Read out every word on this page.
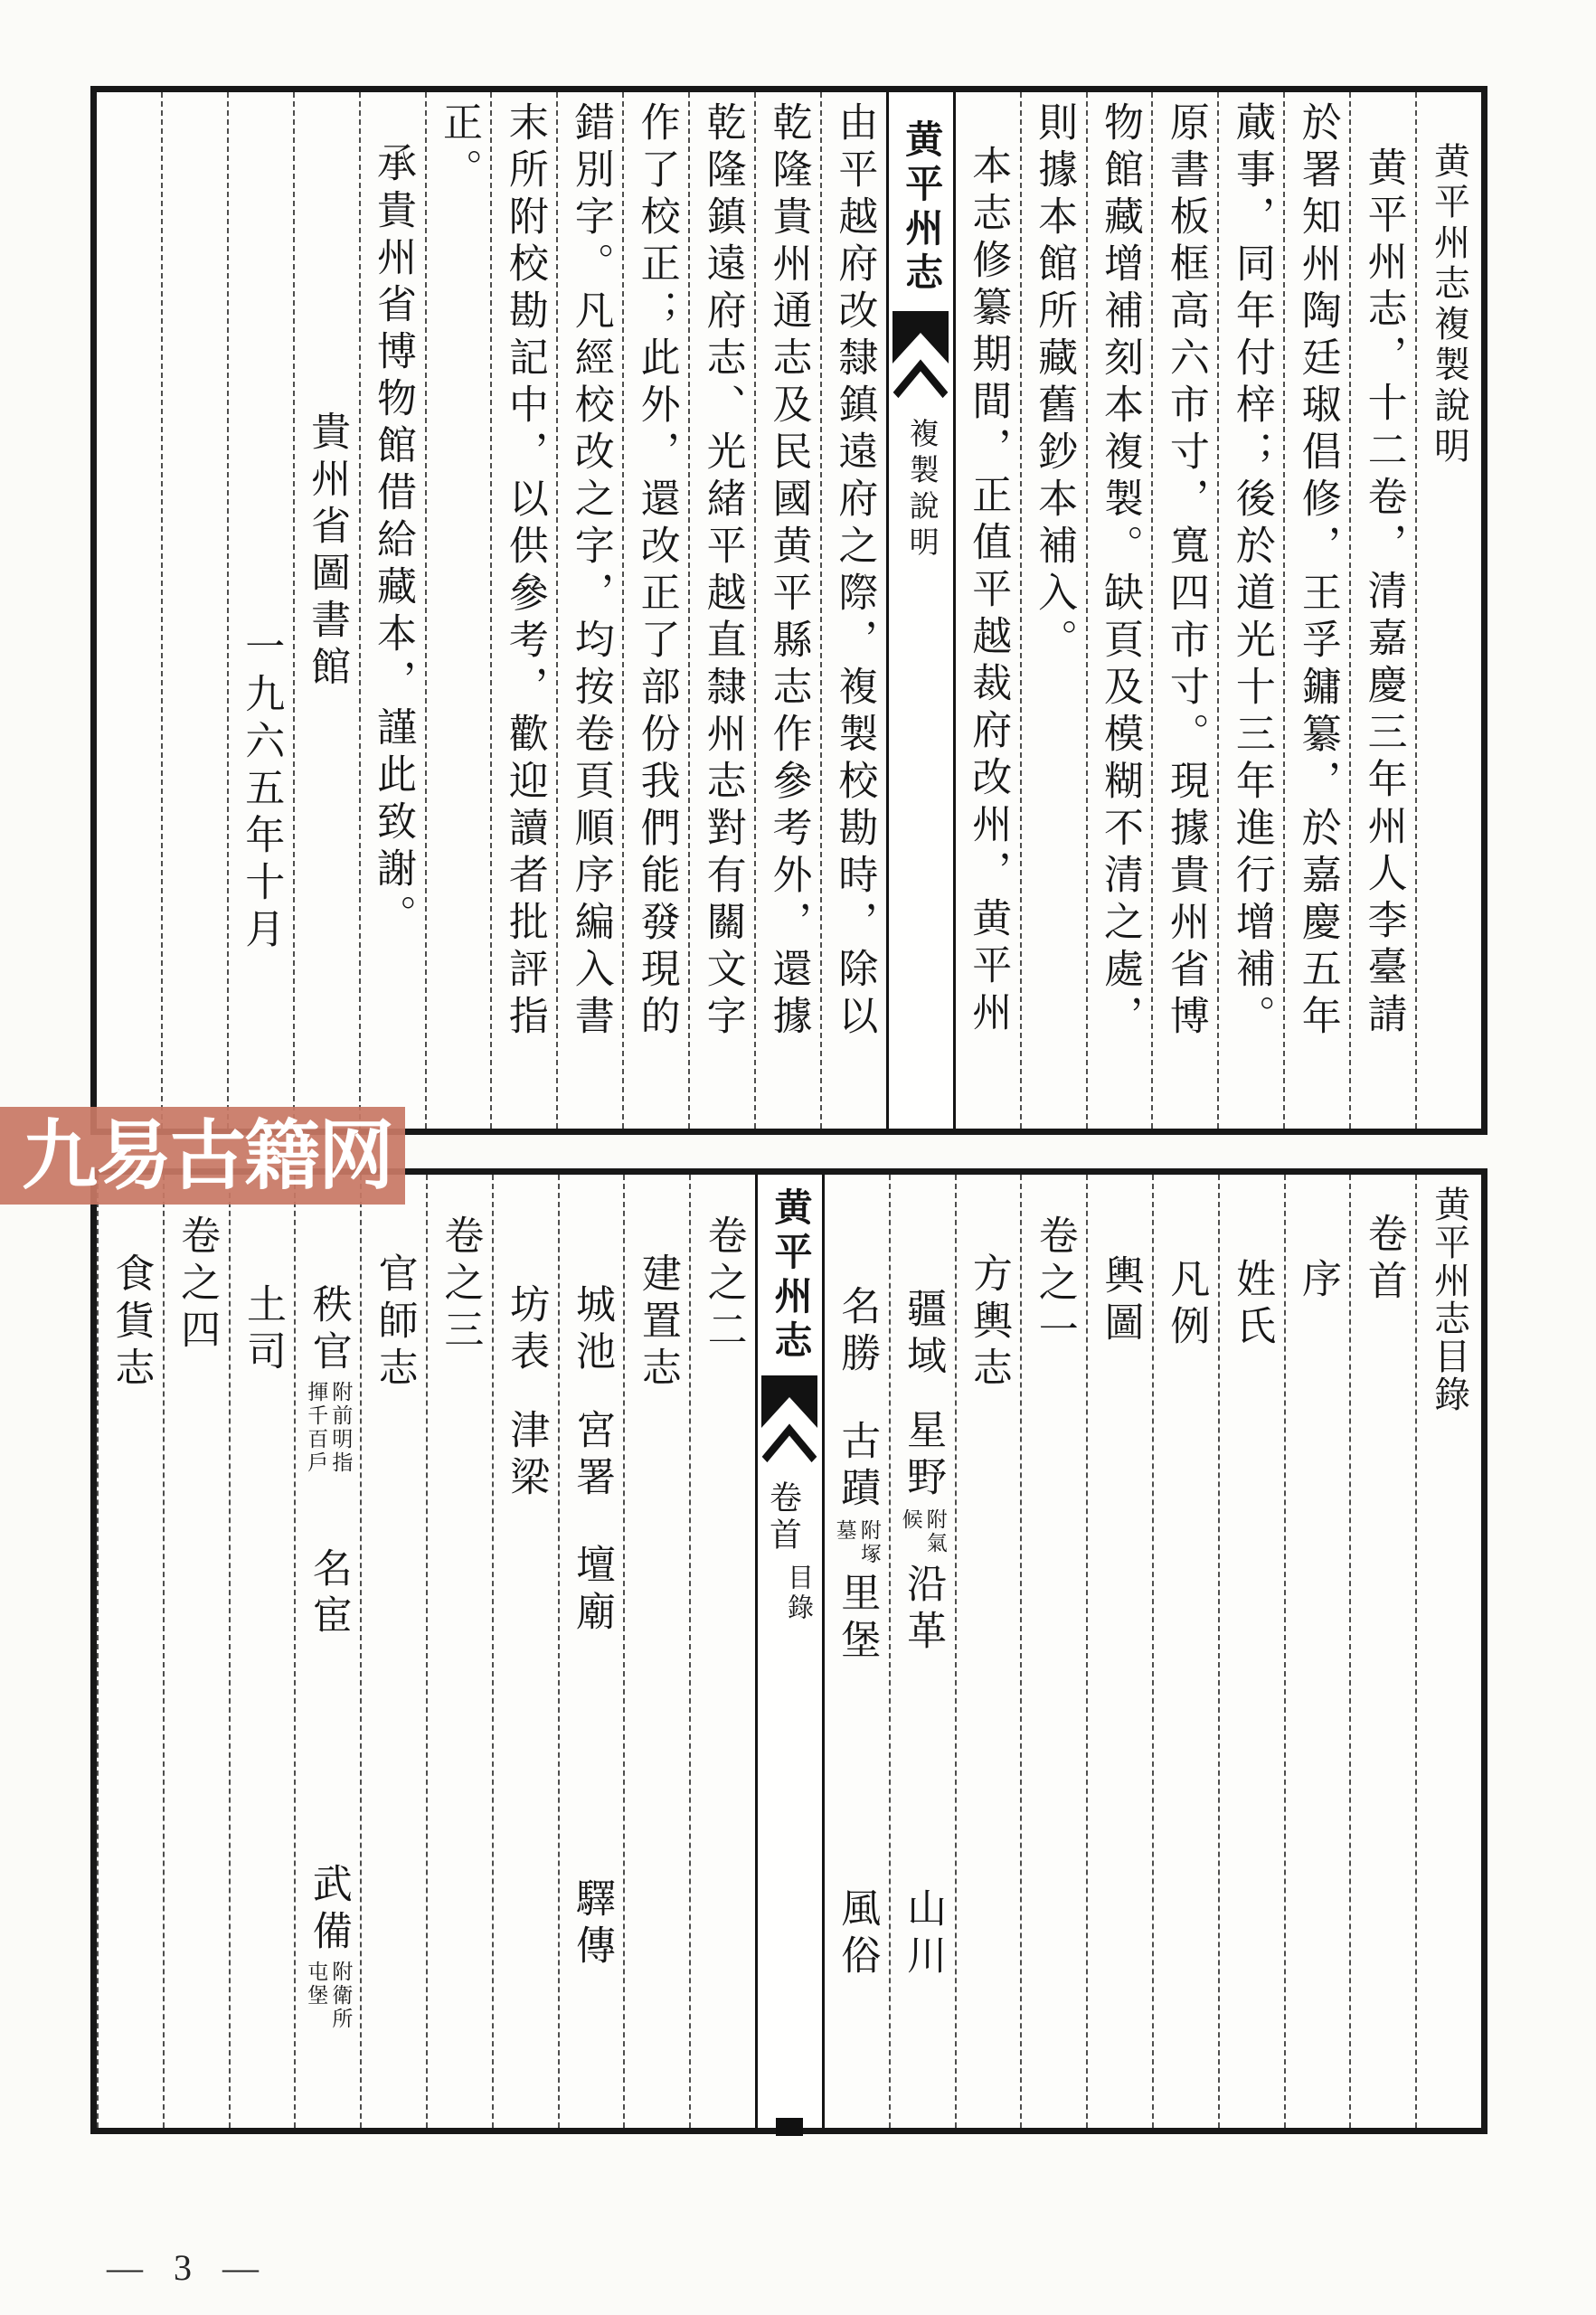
黄平州志複製說明
黄平州志，十二卷，清嘉慶三年州人李臺請
於署知州陶廷琡倡修，王孚鏞纂，於嘉慶五年
蕆事，同年付梓；後於道光十三年進行增補。
原書板框高六市寸，寬四市寸。現據貴州省博
物館藏增補刻本複製。缺頁及模糊不清之處，
則據本館所藏舊鈔本補入。
本志修纂期間，正值平越裁府改州，黄平州
黄平州志
複製說明
由平越府改隸鎮遠府之際，複製校勘時，除以
乾隆貴州通志及民國黄平縣志作參考外，還據
乾隆鎮遠府志、光緒平越直隸州志對有關文字
作了校正；此外，還改正了部份我們能發現的
錯別字。凡經校改之字，均按卷頁順序編入書
末所附校勘記中，以供參考，歡迎讀者批評指
正。
承貴州省博物館借給藏本，謹此致謝。
貴州省圖書館
一九六五年十月
黄平州志目錄
卷首
序
姓氏
凡例
輿圖
卷之一
方輿志
疆域
星野
附氣
候
沿革
山川
名勝
古蹟
附塚
墓
里堡
風俗
黄平州志
卷首
目錄
卷之二
建置志
城池
宮署
壇廟
驛傳
坊表
津梁
卷之三
官師志
秩官
附前明指
揮千百戶
名宦
武備
附衛所
屯堡
土司
卷之四
食貨志
九易古籍网
— 3 —
